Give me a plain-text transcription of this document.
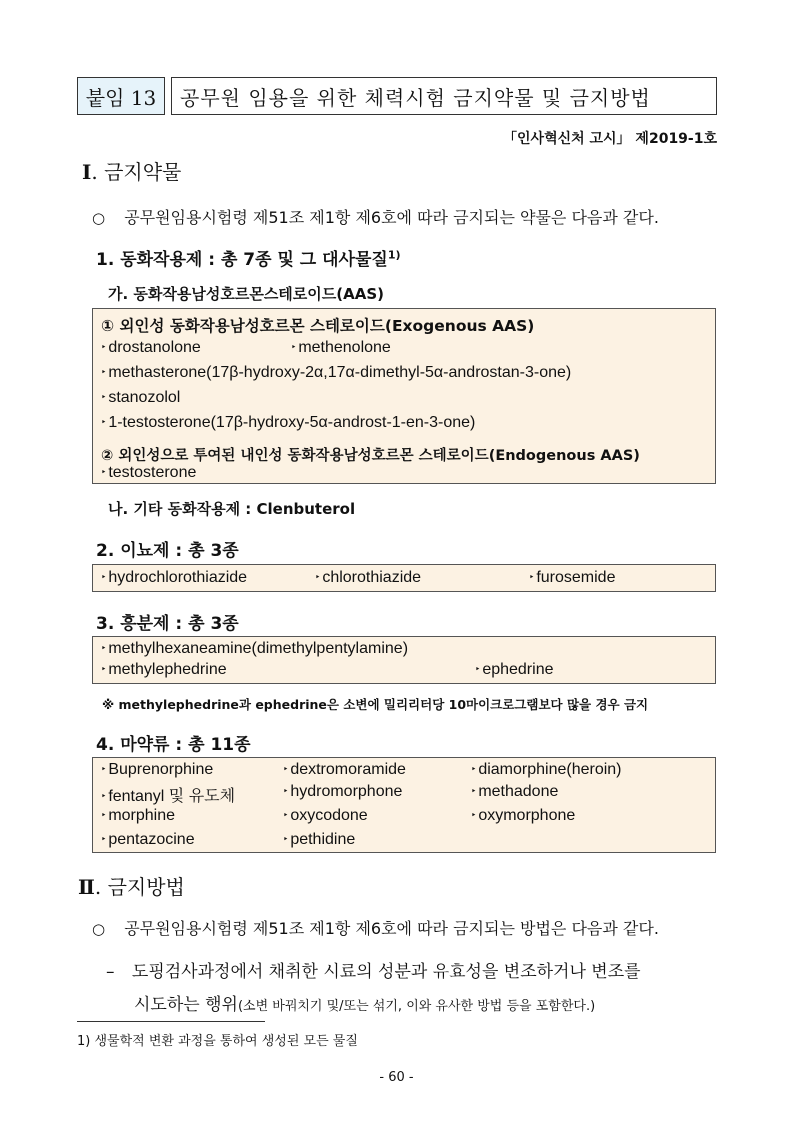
붙임 13 공무원 임용을 위한 체력시험 금지약물 및 금지방법
「인사혁신처 고시」 제2019-1호
Ⅰ. 금지약물
○ 공무원임용시험령 제51조 제1항 제6호에 따라 금지되는 약물은 다음과 같다.
1. 동화작용제 : 총 7종 및 그 대사물질$^{1)}$
가. 동화작용남성호르몬스테로이드(AAS)
① 외인성 동화작용남성호르몬 스테로이드(Exogenous AAS)
‣ drostanolone	‣ methenolone
‣ methasterone(17β-hydroxy-2α,17α-dimethyl-5α-androstan-3-one)
‣ stanozolol
‣ 1-testosterone(17β-hydroxy-5α-androst-1-en-3-one)
② 외인성으로 투여된 내인성 동화작용남성호르몬 스테로이드(Endogenous AAS)
‣ testosterone
나. 기타 동화작용제 : Clenbuterol
2. 이뇨제 : 총 3종
‣ hydrochlorothiazide	‣ chlorothiazide	‣ furosemide
3. 흥분제 : 총 3종
‣ methylhexaneamine(dimethylpentylamine)
‣ methylephedrine	‣ ephedrine
※ methylephedrine과 ephedrine은 소변에 밀리리터당 10마이크로그램보다 많을 경우 금지
4. 마약류 : 총 11종
‣ Buprenorphine	‣ dextromoramide	‣ diamorphine(heroin)
‣ fentanyl 및 유도체	‣ hydromorphone	‣ methadone
‣ morphine	‣ oxycodone	‣ oxymorphone
‣ pentazocine	‣ pethidine
Ⅱ. 금지방법
○ 공무원임용시험령 제51조 제1항 제6호에 따라 금지되는 방법은 다음과 같다.
– 도핑검사과정에서 채취한 시료의 성분과 유효성을 변조하거나 변조를
시도하는 행위(소변 바꿔치기 및/또는 섞기, 이와 유사한 방법 등을 포함한다.)
1) 생물학적 변환 과정을 통하여 생성된 모든 물질
- 60 -
